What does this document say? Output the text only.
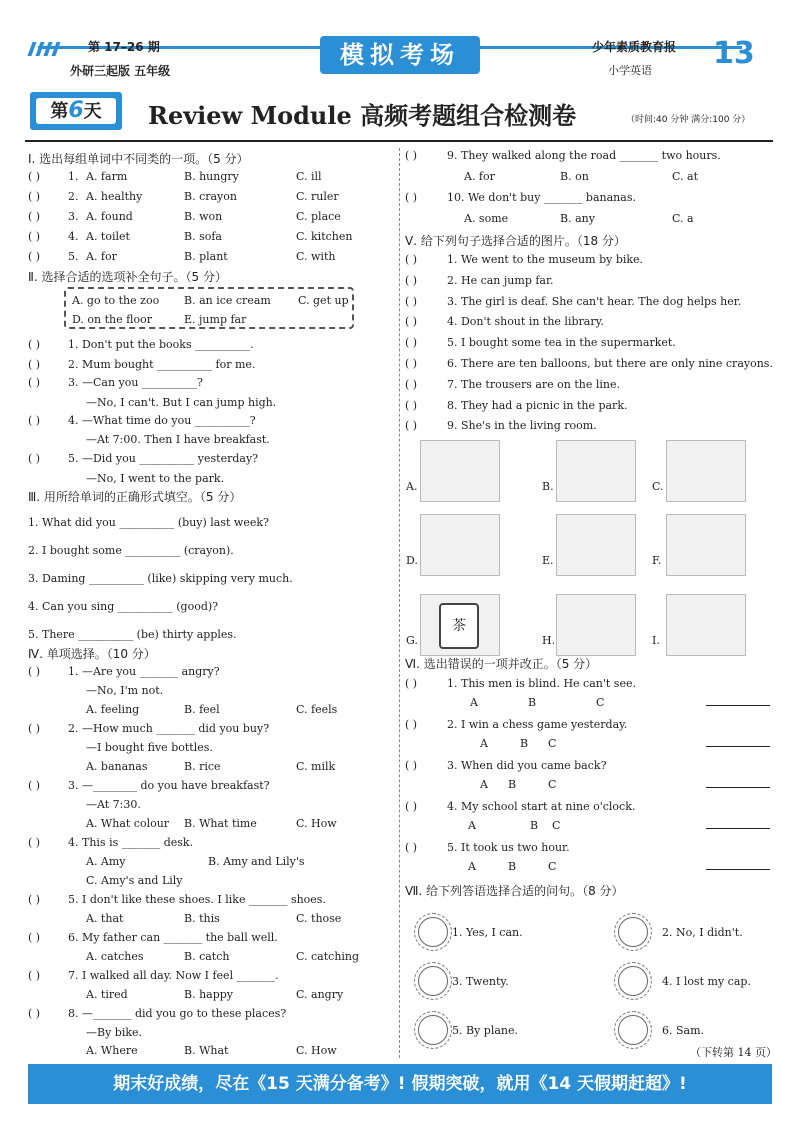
第 17–26 期
外研三起版 五年级
模拟考场	少年素质教育报
小学英语 13
第6天	Review Module 高频考题组合检测卷	（时间:40 分钟 满分:100 分）
Ⅰ. 选出每组单词中不同类的一项。（5 分）
( )	1. A. farm	B. hungry	C. ill
( )	2. A. healthy	B. crayon	C. ruler
( )	3. A. found	B. won	C. place
( )	4. A. toilet	B. sofa	C. kitchen
( )	5. A. for	B. plant	C. with
Ⅱ. 选择合适的选项补全句子。（5 分）
A. go to the zoo B. an ice cream C. get up
D. on the floor	E. jump far
( )	1. Don't put the books __________.
( )	2. Mum bought __________ for me.
( )	3. —Can you __________?
—No, I can't. But I can jump high.
( )	4. —What time do you __________?
—At 7:00. Then I have breakfast.
( )	5. —Did you __________ yesterday?
—No, I went to the park.
Ⅲ. 用所给单词的正确形式填空。（5 分）
1. What did you __________ (buy) last week?
2. I bought some __________ (crayon).
3. Daming __________ (like) skipping very much.
4. Can you sing __________ (good)?
5. There __________ (be) thirty apples.
Ⅳ. 单项选择。（10 分）
( )	1. —Are you _______ angry?
—No, I'm not.
A. feeling	B. feel	C. feels
( )	2. —How much _______ did you buy?
—I bought five bottles.
A. bananas	B. rice	C. milk
( )	3. —________ do you have breakfast?
—At 7:30.
A. What colour B. What time	C. How
( )	4. This is _______ desk.
A. Amy	B. Amy and Lily's
C. Amy's and Lily
( )	5. I don't like these shoes. I like _______ shoes.
A. that	B. this	C. those
( )	6. My father can _______ the ball well.
A. catches	B. catch	C. catching
( )	7. I walked all day. Now I feel _______.
A. tired	B. happy	C. angry
( )	8. —_______ did you go to these places?
—By bike.
A. Where	B. What	C. How
( )	9. They walked along the road _______ two hours.
A. for	B. on	C. at
( )	10. We don't buy _______ bananas.
A. some	B. any	C. a
Ⅴ. 给下列句子选择合适的图片。（18 分）
( )	1. We went to the museum by bike.
( )	2. He can jump far.
( )	3. The girl is deaf. She can't hear. The dog helps her.
( )	4. Don't shout in the library.
( )	5. I bought some tea in the supermarket.
( )	6. There are ten balloons, but there are only nine crayons.
( )	7. The trousers are on the line.
( )	8. They had a picnic in the park.
( )	9. She's in the living room.
A.	B.	C.
D.	E.	F.
G.
茶
H.	I.
Ⅵ. 选出错误的一项并改正。（5 分）
( )	1. This men is blind. He can't see.
A	B	C
( )	2. I win a chess game yesterday.
A	B C
( )	3. When did you came back?
A B	C
( )	4. My school start at nine o'clock.
A	B C
( )	5. It took us two hour.
A	B	C
Ⅶ. 给下列答语选择合适的问句。（8 分）
1. Yes, I can.	2. No, I didn't.
3. Twenty.	4. I lost my cap.
5. By plane.	6. Sam.
（下转第 14 页）
期末好成绩，尽在《15 天满分备考》! 假期突破，就用《14 天假期赶超》!
